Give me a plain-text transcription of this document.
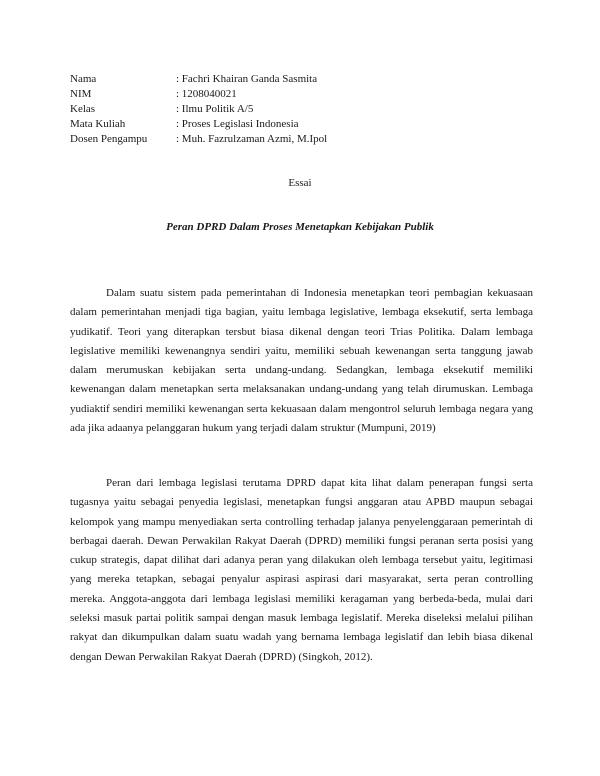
Nama	: Fachri Khairan Ganda Sasmita
NIM	: 1208040021
Kelas	: Ilmu Politik A/5
Mata Kuliah	: Proses Legislasi Indonesia
Dosen Pengampu	: Muh. Fazrulzaman Azmi, M.Ipol
Essai
Peran DPRD Dalam Proses Menetapkan Kebijakan Publik

Dalam suatu sistem pada pemerintahan di Indonesia menetapkan teori pembagian kekuasaan dalam pemerintahan menjadi tiga bagian, yaitu lembaga legislative, lembaga eksekutif, serta lembaga yudikatif. Teori yang diterapkan tersbut biasa dikenal dengan teori Trias Politika. Dalam lembaga legislative memiliki kewenangnya sendiri yaitu, memiliki sebuah kewenangan serta tanggung jawab dalam merumuskan kebijakan serta undang-undang. Sedangkan, lembaga eksekutif memiliki kewenangan dalam menetapkan serta melaksanakan undang-undang yang telah dirumuskan. Lembaga yudiaktif sendiri memiliki kewenangan serta kekuasaan dalam mengontrol seluruh lembaga negara yang ada jika adaanya pelanggaran hukum yang terjadi dalam struktur (Mumpuni, 2019)

Peran dari lembaga legislasi terutama DPRD dapat kita lihat dalam penerapan fungsi serta tugasnya yaitu sebagai penyedia legislasi, menetapkan fungsi anggaran atau APBD maupun sebagai kelompok yang mampu menyediakan serta controlling terhadap jalanya penyelenggaraan pemerintah di berbagai daerah. Dewan Perwakilan Rakyat Daerah (DPRD) memiliki fungsi peranan serta posisi yang cukup strategis, dapat dilihat dari adanya peran yang dilakukan oleh lembaga tersebut yaitu, legitimasi yang mereka tetapkan, sebagai penyalur aspirasi aspirasi dari masyarakat, serta peran controlling mereka. Anggota-anggota dari lembaga legislasi memiliki keragaman yang berbeda-beda, mulai dari seleksi masuk partai politik sampai dengan masuk lembaga legislatif. Mereka diseleksi melalui pilihan rakyat dan dikumpulkan dalam suatu wadah yang bernama lembaga legislatif dan lebih biasa dikenal dengan Dewan Perwakilan Rakyat Daerah (DPRD) (Singkoh, 2012).
